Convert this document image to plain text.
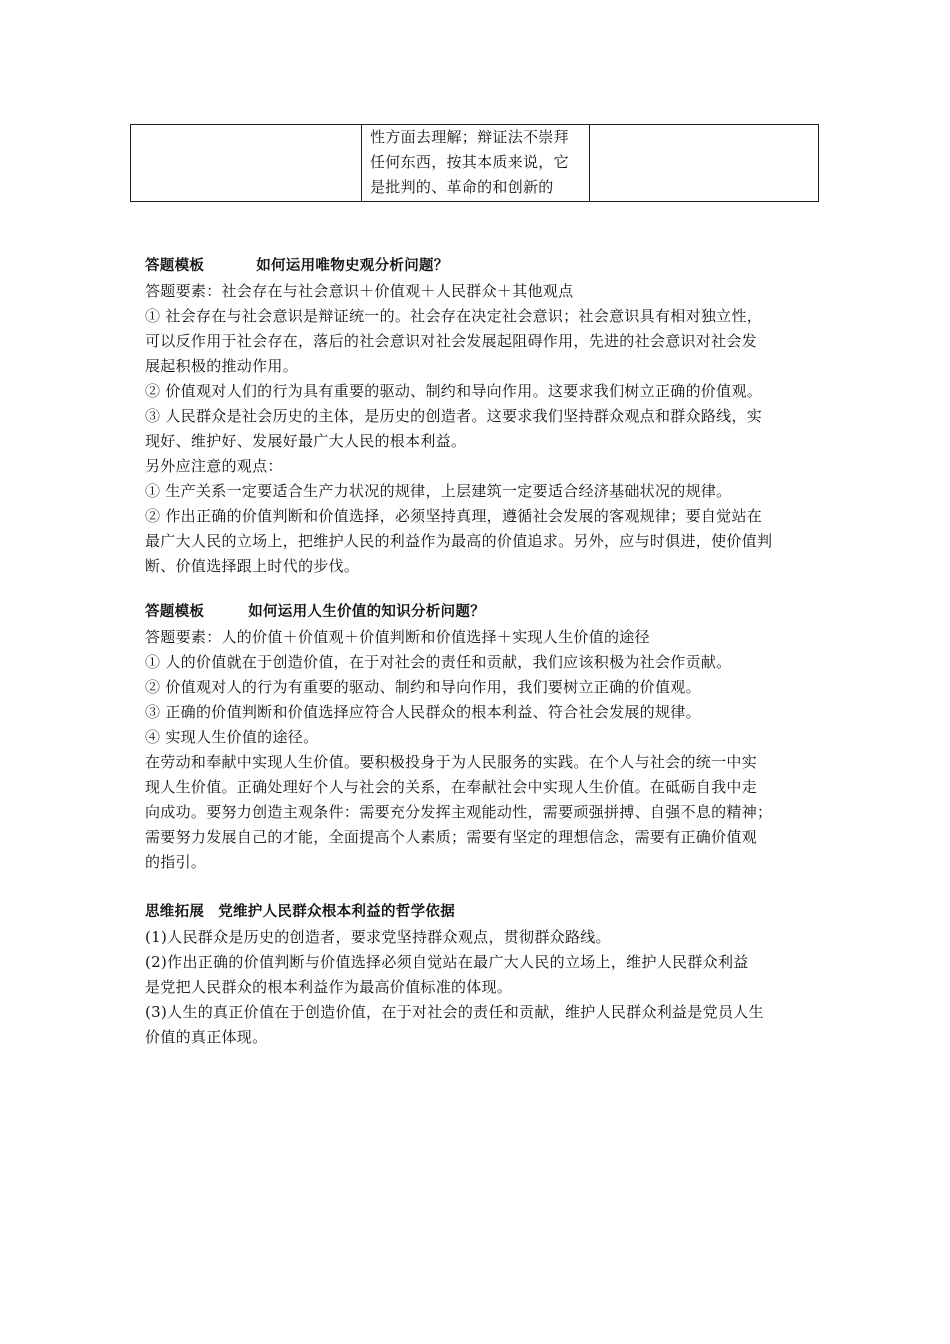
性方面去理解；辩证法不崇拜
任何东西，按其本质来说，它
是批判的、革命的和创新的

答题模板	如何运用唯物史观分析问题？
答题要素：社会存在与社会意识＋价值观＋人民群众＋其他观点
① 社会存在与社会意识是辩证统一的。社会存在决定社会意识；社会意识具有相对独立性，
可以反作用于社会存在，落后的社会意识对社会发展起阻碍作用，先进的社会意识对社会发
展起积极的推动作用。
② 价值观对人们的行为具有重要的驱动、制约和导向作用。这要求我们树立正确的价值观。
③ 人民群众是社会历史的主体，是历史的创造者。这要求我们坚持群众观点和群众路线，实
现好、维护好、发展好最广大人民的根本利益。
另外应注意的观点：
① 生产关系一定要适合生产力状况的规律，上层建筑一定要适合经济基础状况的规律。
② 作出正确的价值判断和价值选择，必须坚持真理，遵循社会发展的客观规律；要自觉站在
最广大人民的立场上，把维护人民的利益作为最高的价值追求。另外，应与时俱进，使价值判
断、价值选择跟上时代的步伐。
答题模板	如何运用人生价值的知识分析问题？
答题要素：人的价值＋价值观＋价值判断和价值选择＋实现人生价值的途径
① 人的价值就在于创造价值，在于对社会的责任和贡献，我们应该积极为社会作贡献。
② 价值观对人的行为有重要的驱动、制约和导向作用，我们要树立正确的价值观。
③ 正确的价值判断和价值选择应符合人民群众的根本利益、符合社会发展的规律。
④ 实现人生价值的途径。
在劳动和奉献中实现人生价值。要积极投身于为人民服务的实践。在个人与社会的统一中实
现人生价值。正确处理好个人与社会的关系，在奉献社会中实现人生价值。在砥砺自我中走
向成功。要努力创造主观条件：需要充分发挥主观能动性，需要顽强拼搏、自强不息的精神；
需要努力发展自己的才能，全面提高个人素质；需要有坚定的理想信念，需要有正确价值观
的指引。
思维拓展 党维护人民群众根本利益的哲学依据
(1)人民群众是历史的创造者，要求党坚持群众观点，贯彻群众路线。
(2)作出正确的价值判断与价值选择必须自觉站在最广大人民的立场上，维护人民群众利益
是党把人民群众的根本利益作为最高价值标准的体现。
(3)人生的真正价值在于创造价值，在于对社会的责任和贡献，维护人民群众利益是党员人生
价值的真正体现。
